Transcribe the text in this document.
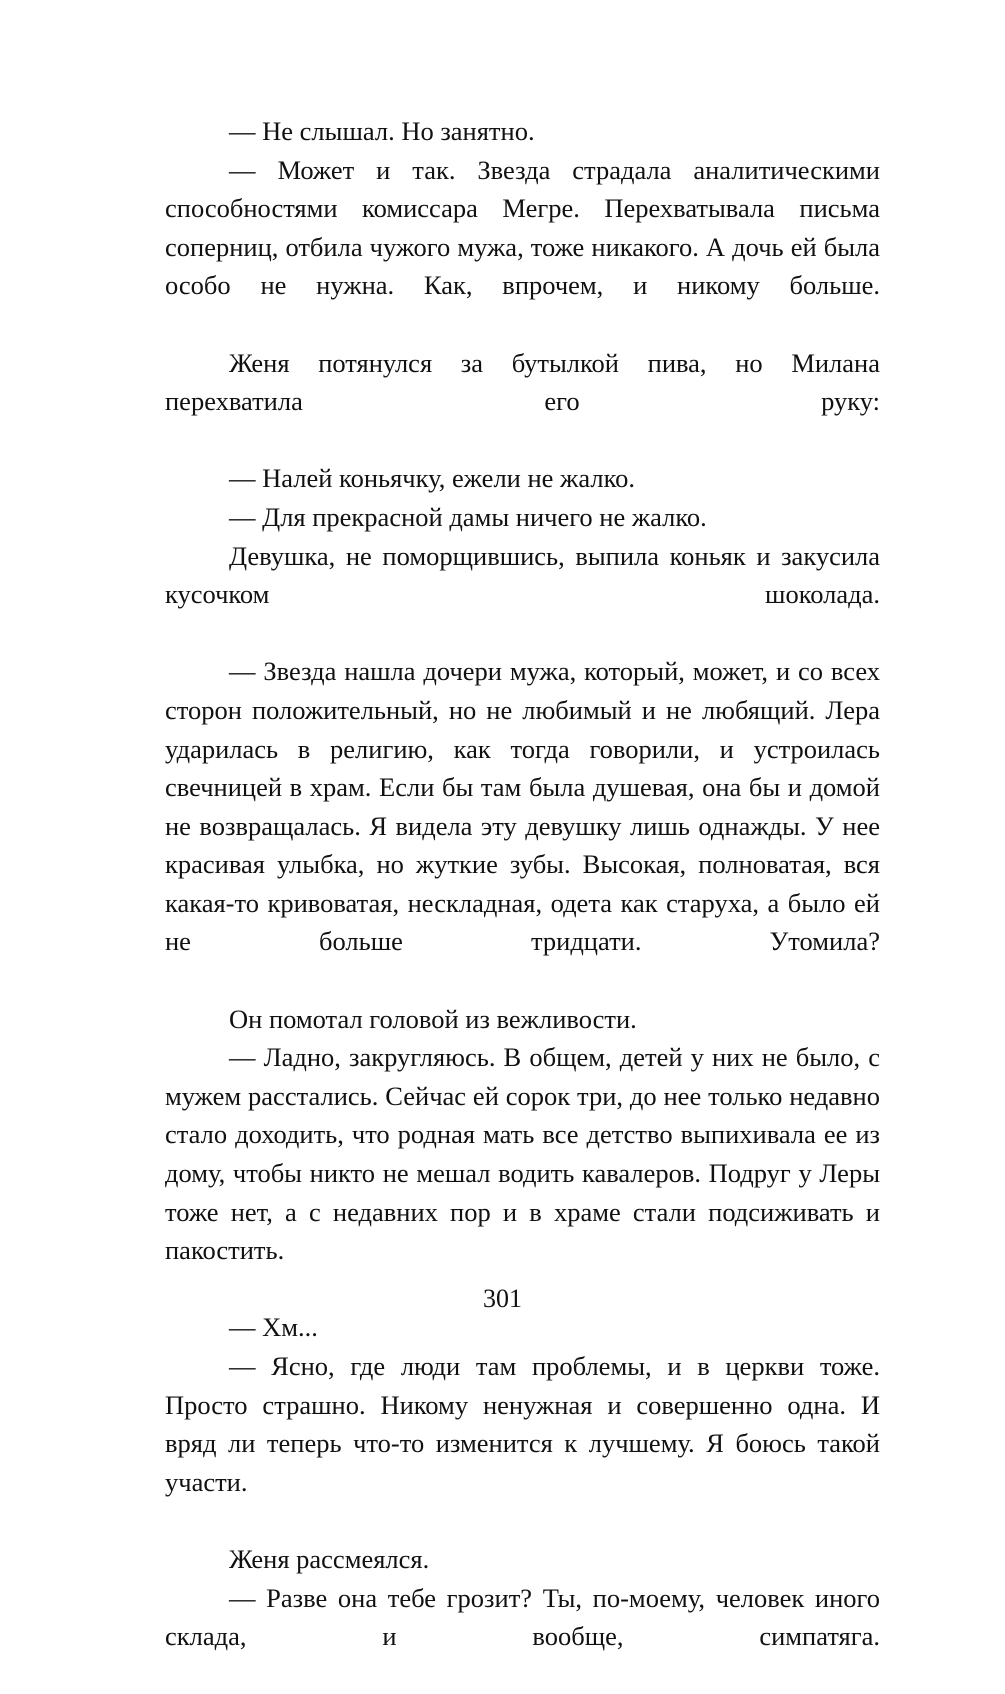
— Не слышал. Но занятно.

— Может и так. Звезда страдала аналитическими способностями комиссара Мегре. Перехватывала письма соперниц, отбила чужого мужа, тоже никакого. А дочь ей была особо не нужна. Как, впрочем, и никому больше.

Женя потянулся за бутылкой пива, но Милана перехватила его руку:

— Налей коньячку, ежели не жалко.

— Для прекрасной дамы ничего не жалко.

Девушка, не поморщившись, выпила коньяк и закусила кусочком шоколада.

— Звезда нашла дочери мужа, который, может, и со всех сторон положительный, но не любимый и не любящий. Лера ударилась в религию, как тогда говорили, и устроилась свечницей в храм. Если бы там была душевая, она бы и домой не возвращалась. Я видела эту девушку лишь однажды. У нее красивая улыбка, но жуткие зубы. Высокая, полноватая, вся какая-то кривоватая, нескладная, одета как старуха, а было ей не больше тридцати. Утомила?

Он помотал головой из вежливости.

— Ладно, закругляюсь. В общем, детей у них не было, с мужем расстались. Сейчас ей сорок три, до нее только недавно стало доходить, что родная мать все детство выпихивала ее из дому, чтобы никто не мешал водить кавалеров. Подруг у Леры тоже нет, а с недавних пор и в храме стали подсиживать и пакостить.

— Хм...

— Ясно, где люди там проблемы, и в церкви тоже. Просто страшно. Никому ненужная и совершенно одна. И вряд ли теперь что-то изменится к лучшему. Я боюсь такой участи.

Женя рассмеялся.

— Разве она тебе грозит? Ты, по-моему, человек иного склада, и вообще, симпатяга.

301
